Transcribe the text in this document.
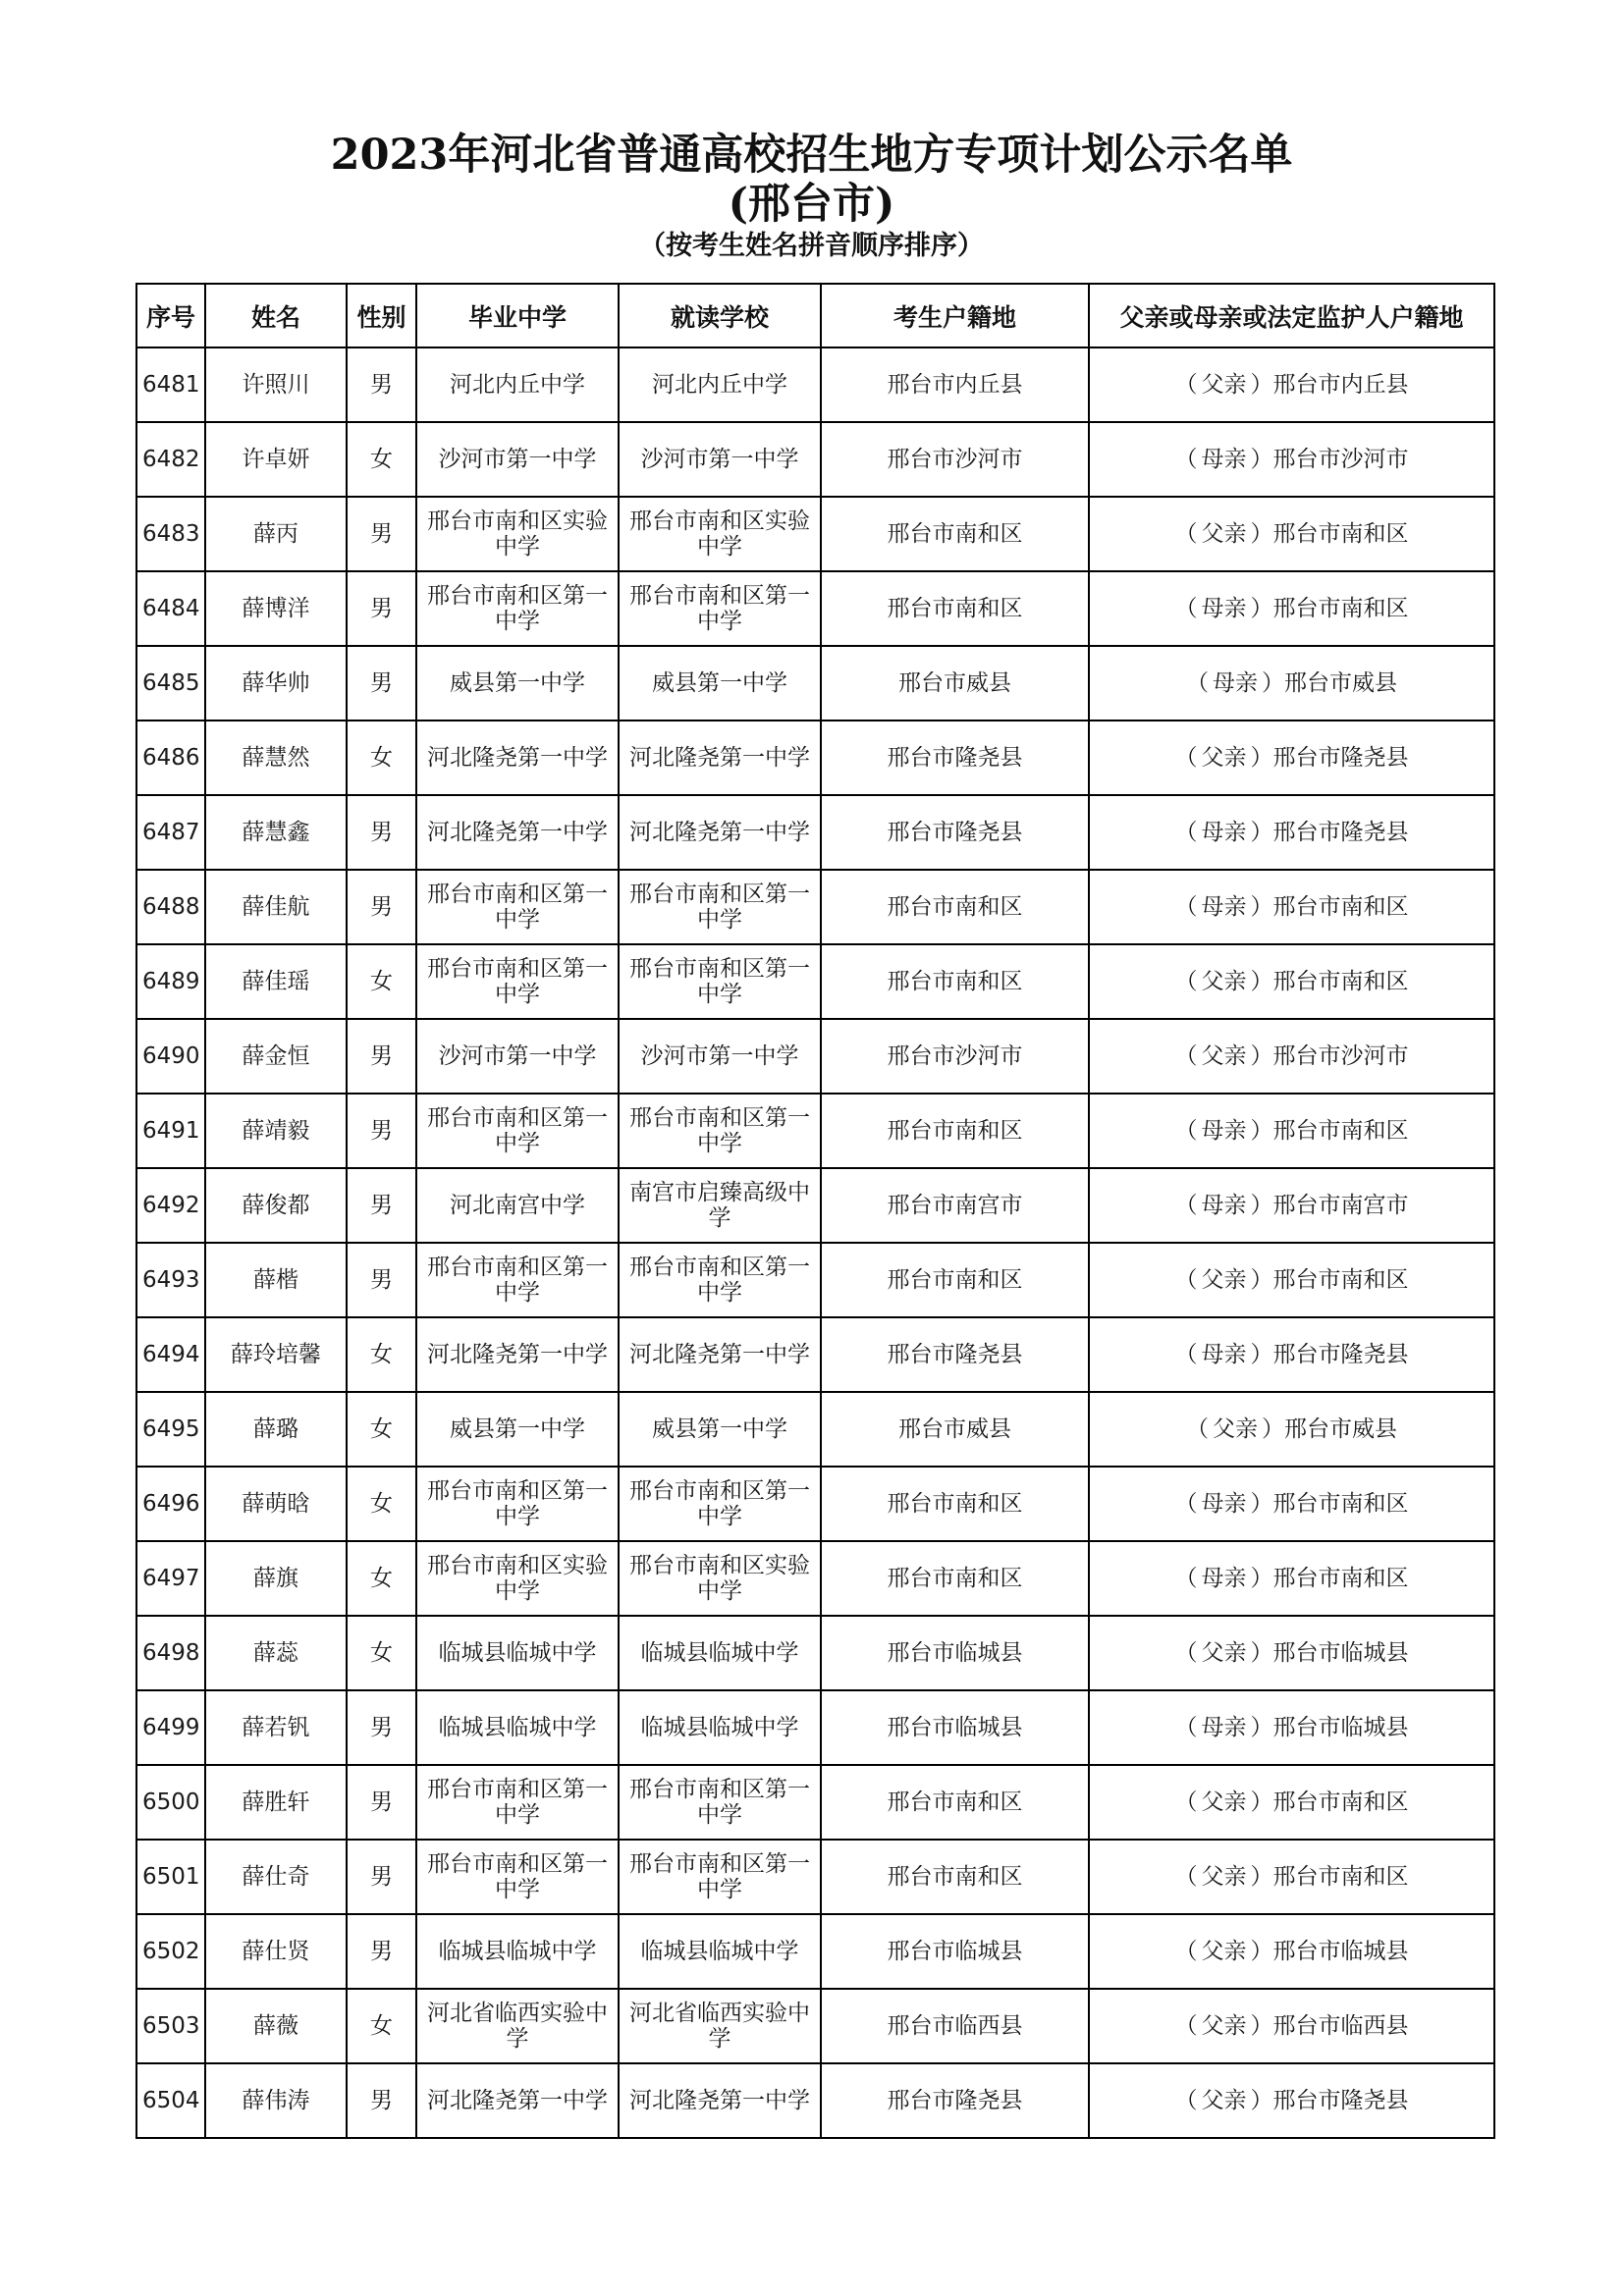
2023年河北省普通高校招生地方专项计划公示名单
(邢台市)
（按考生姓名拼音顺序排序）
序号	姓名	性别	毕业中学	就读学校	考生户籍地	父亲或母亲或法定监护人户籍地
6481	许照川	男	河北内丘中学	河北内丘中学	邢台市内丘县	（ 父亲 ）邢台市内丘县
6482	许卓妍	女	沙河市第一中学	沙河市第一中学	邢台市沙河市	（ 母亲 ）邢台市沙河市
6483	薛丙	男	邢台市南和区实验中学	邢台市南和区实验中学	邢台市南和区	（ 父亲 ）邢台市南和区
6484	薛博洋	男	邢台市南和区第一中学	邢台市南和区第一中学	邢台市南和区	（ 母亲 ）邢台市南和区
6485	薛华帅	男	威县第一中学	威县第一中学	邢台市威县	（ 母亲 ）邢台市威县
6486	薛慧然	女	河北隆尧第一中学	河北隆尧第一中学	邢台市隆尧县	（ 父亲 ）邢台市隆尧县
6487	薛慧鑫	男	河北隆尧第一中学	河北隆尧第一中学	邢台市隆尧县	（ 母亲 ）邢台市隆尧县
6488	薛佳航	男	邢台市南和区第一中学	邢台市南和区第一中学	邢台市南和区	（ 母亲 ）邢台市南和区
6489	薛佳瑶	女	邢台市南和区第一中学	邢台市南和区第一中学	邢台市南和区	（ 父亲 ）邢台市南和区
6490	薛金恒	男	沙河市第一中学	沙河市第一中学	邢台市沙河市	（ 父亲 ）邢台市沙河市
6491	薛靖毅	男	邢台市南和区第一中学	邢台市南和区第一中学	邢台市南和区	（ 母亲 ）邢台市南和区
6492	薛俊都	男	河北南宫中学	南宫市启臻高级中学	邢台市南宫市	（ 母亲 ）邢台市南宫市
6493	薛楷	男	邢台市南和区第一中学	邢台市南和区第一中学	邢台市南和区	（ 父亲 ）邢台市南和区
6494	薛玲培馨	女	河北隆尧第一中学	河北隆尧第一中学	邢台市隆尧县	（ 母亲 ）邢台市隆尧县
6495	薛璐	女	威县第一中学	威县第一中学	邢台市威县	（ 父亲 ）邢台市威县
6496	薛萌晗	女	邢台市南和区第一中学	邢台市南和区第一中学	邢台市南和区	（ 母亲 ）邢台市南和区
6497	薛旗	女	邢台市南和区实验中学	邢台市南和区实验中学	邢台市南和区	（ 母亲 ）邢台市南和区
6498	薛蕊	女	临城县临城中学	临城县临城中学	邢台市临城县	（ 父亲 ）邢台市临城县
6499	薛若钒	男	临城县临城中学	临城县临城中学	邢台市临城县	（ 母亲 ）邢台市临城县
6500	薛胜轩	男	邢台市南和区第一中学	邢台市南和区第一中学	邢台市南和区	（ 父亲 ）邢台市南和区
6501	薛仕奇	男	邢台市南和区第一中学	邢台市南和区第一中学	邢台市南和区	（ 父亲 ）邢台市南和区
6502	薛仕贤	男	临城县临城中学	临城县临城中学	邢台市临城县	（ 父亲 ）邢台市临城县
6503	薛薇	女	河北省临西实验中学	河北省临西实验中学	邢台市临西县	（ 父亲 ）邢台市临西县
6504	薛伟涛	男	河北隆尧第一中学	河北隆尧第一中学	邢台市隆尧县	（ 父亲 ）邢台市隆尧县
